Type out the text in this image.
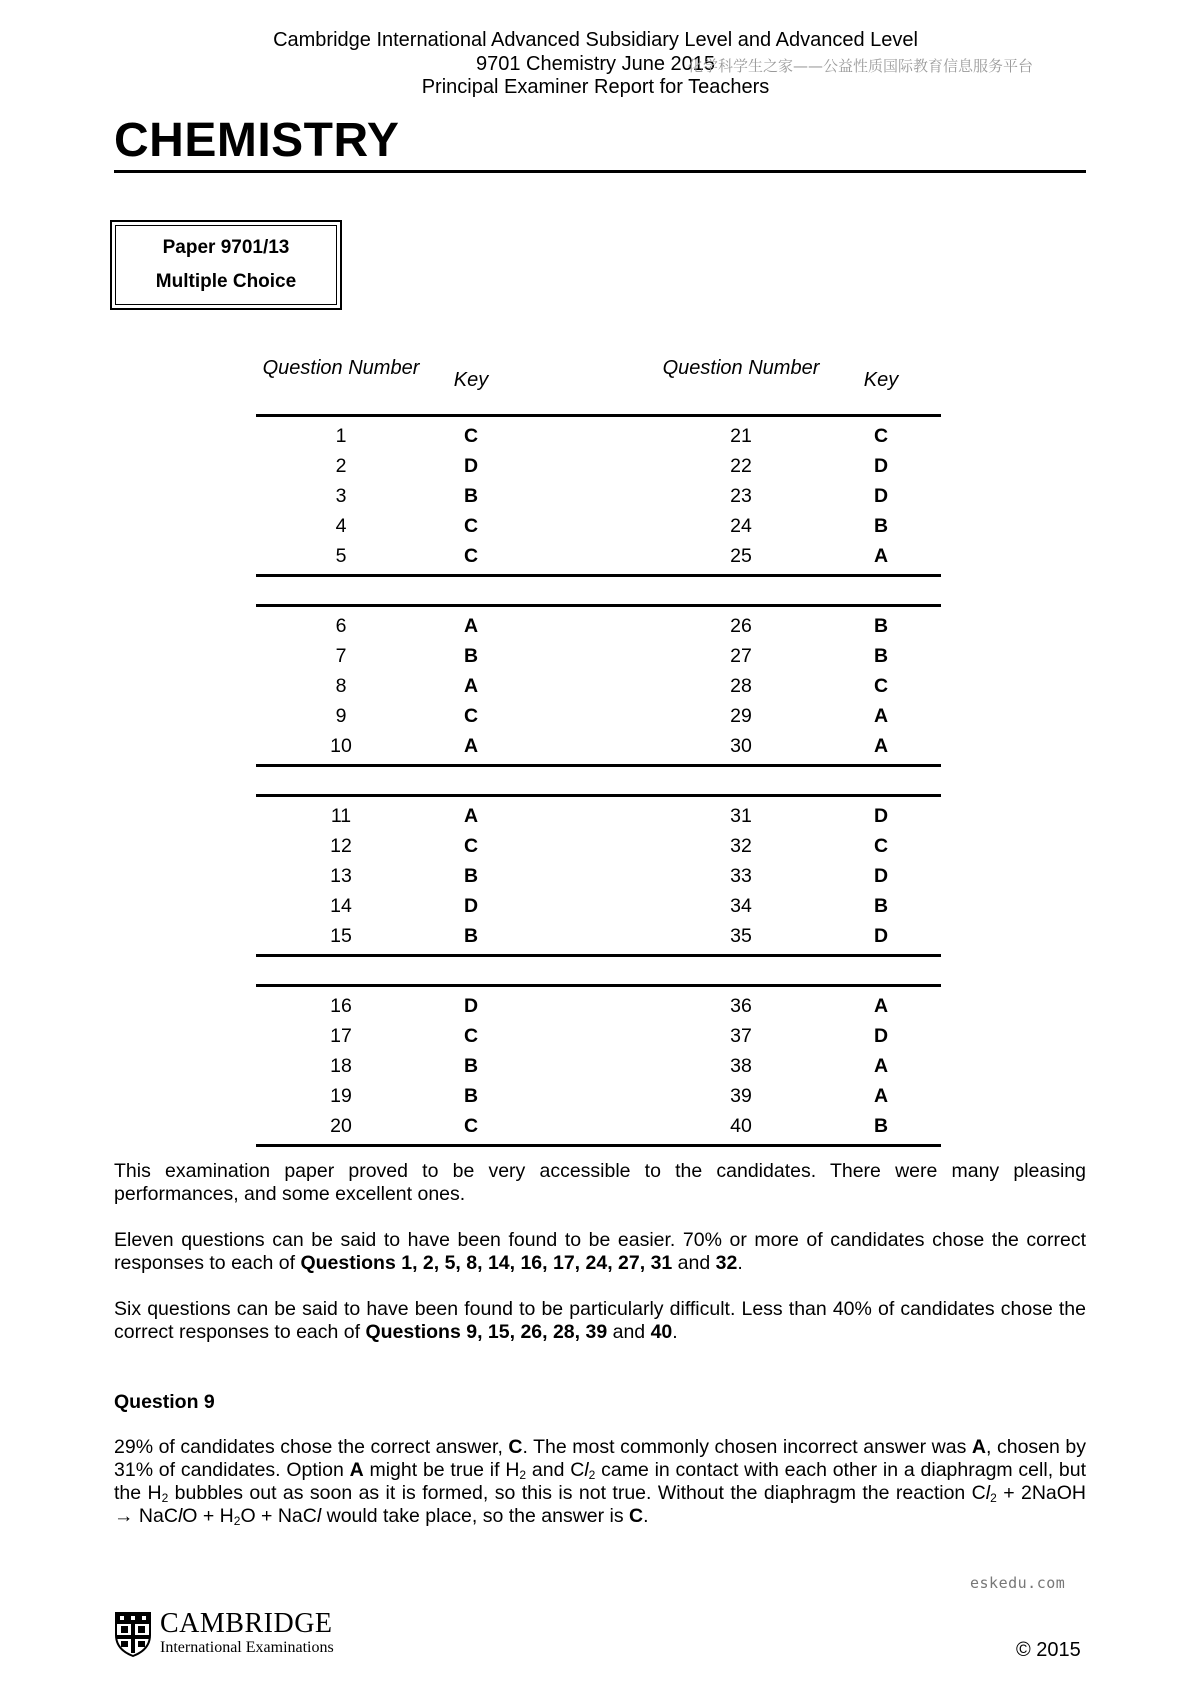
Cambridge International Advanced Subsidiary Level and Advanced Level
9701 Chemistry June 2015
化学科学生之家——公益性质国际教育信息服务平台
Principal Examiner Report for Teachers
CHEMISTRY
Paper 9701/13
Multiple Choice
Question Number
Key
Question Number
Key
1	C	21	C
2	D	22	D
3	B	23	D
4	C	24	B
5	C	25	A
6	A	26	B
7	B	27	B
8	A	28	C
9	C	29	A
10	A	30	A
11	A	31	D
12	C	32	C
13	B	33	D
14	D	34	B
15	B	35	D
16	D	36	A
17	C	37	D
18	B	38	A
19	B	39	A
20	C	40	B

This examination paper proved to be very accessible to the candidates. There were many pleasing performances, and some excellent ones.

Eleven questions can be said to have been found to be easier. 70% or more of candidates chose the correct responses to each of Questions 1, 2, 5, 8, 14, 16, 17, 24, 27, 31 and 32.

Six questions can be said to have been found to be particularly difficult. Less than 40% of candidates chose the correct responses to each of Questions 9, 15, 26, 28, 39 and 40.

Question 9

29% of candidates chose the correct answer, C. The most commonly chosen incorrect answer was A, chosen by 31% of candidates. Option A might be true if $H_2$ and $Cl_2$ came in contact with each other in a diaphragm cell, but the $H_2$ bubbles out as soon as it is formed, so this is not true. Without the diaphragm the reaction $Cl_2$ + 2NaOH → NaClO + $H_2O$ + NaCl would take place, so the answer is C.

eskedu.com
CAMBRIDGE
International Examinations	© 2015
